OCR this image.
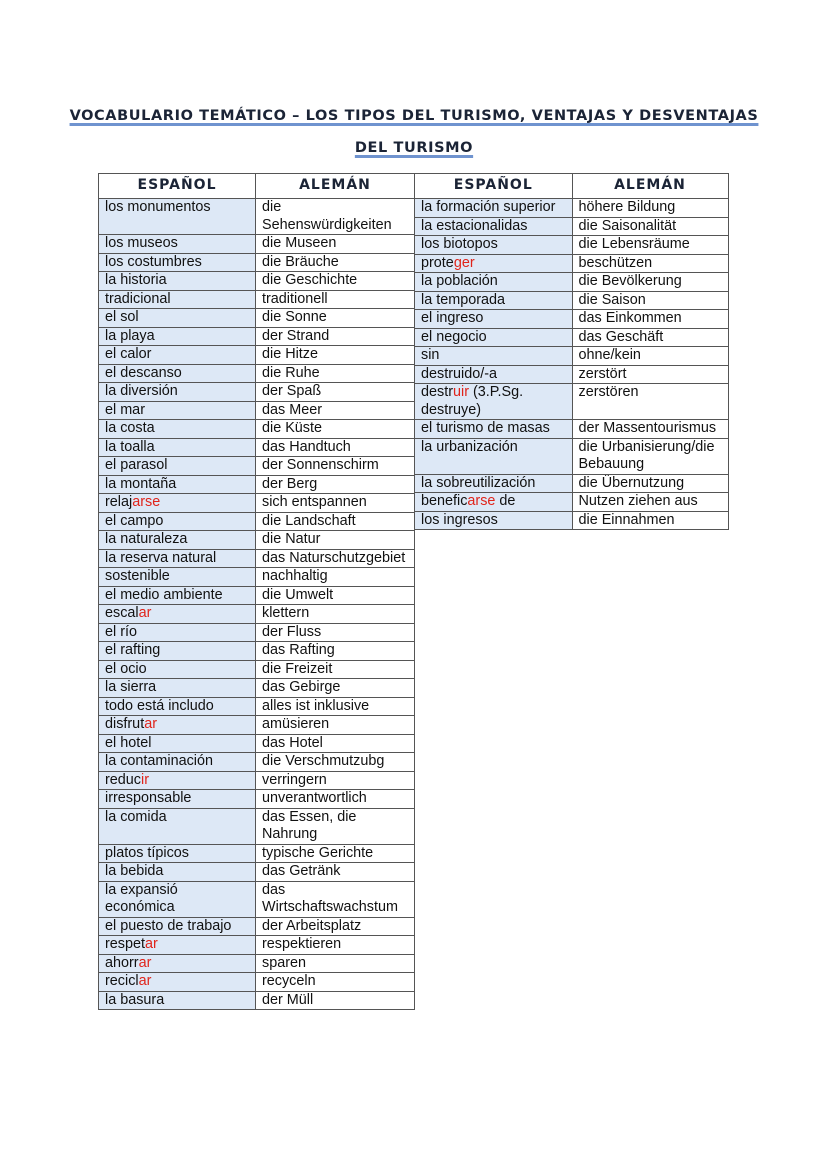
VOCABULARIO TEMÁTICO – LOS TIPOS DEL TURISMO, VENTAJAS Y DESVENTAJAS
DEL TURISMO
ESPAÑOL	ALEMÁN
los monumentos	die Sehenswürdigkeiten
los museos	die Museen
los costumbres	die Bräuche
la historia	die Geschichte
tradicional	traditionell
el sol	die Sonne
la playa	der Strand
el calor	die Hitze
el descanso	die Ruhe
la diversión	der Spaß
el mar	das Meer
la costa	die Küste
la toalla	das Handtuch
el parasol	der Sonnenschirm
la montaña	der Berg
relajarse	sich entspannen
el campo	die Landschaft
la naturaleza	die Natur
la reserva natural	das Naturschutzgebiet
sostenible	nachhaltig
el medio ambiente	die Umwelt
escalar	klettern
el río	der Fluss
el rafting	das Rafting
el ocio	die Freizeit
la sierra	das Gebirge
todo está includo	alles ist inklusive
disfrutar	amüsieren
el hotel	das Hotel
la contaminación	die Verschmutzubg
reducir	verringern
irresponsable	unverantwortlich
la comida	das Essen, die Nahrung
platos típicos	typische Gerichte
la bebida	das Getränk
la expansió económica	das Wirtschaftswachstum
el puesto de trabajo	der Arbeitsplatz
respetar	respektieren
ahorrar	sparen
reciclar	recyceln
la basura	der Müll
ESPAÑOL	ALEMÁN
la formación superior	höhere Bildung
la estacionalidas	die Saisonalität
los biotopos	die Lebensräume
proteger	beschützen
la población	die Bevölkerung
la temporada	die Saison
el ingreso	das Einkommen
el negocio	das Geschäft
sin	ohne/kein
destruido/-a	zerstört
destruir (3.P.Sg. destruye)	zerstören
el turismo de masas	der Massentourismus
la urbanización	die Urbanisierung/die Bebauung
la sobreutilización	die Übernutzung
beneficarse de	Nutzen ziehen aus
los ingresos	die Einnahmen
